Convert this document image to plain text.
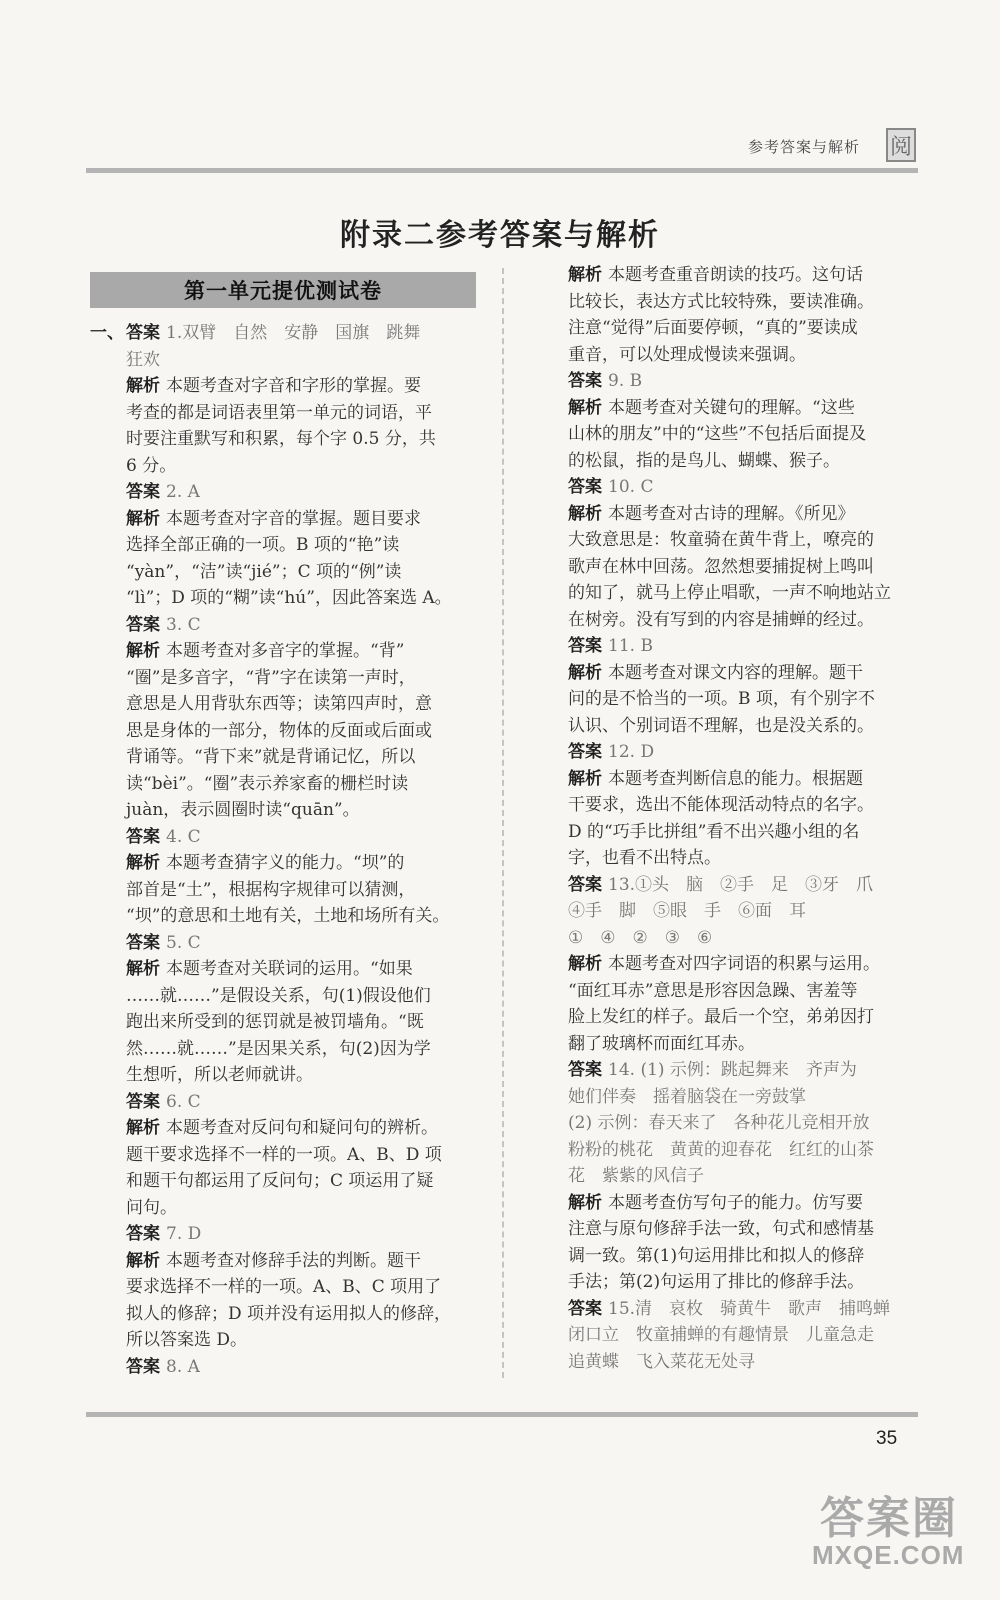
参考答案与解析 阅
附录二参考答案与解析
第一单元提优测试卷
一、 答案 1.双臂　自然　安静　国旗　跳舞

狂欢

解析 本题考查对字音和字形的掌握。要

考查的都是词语表里第一单元的词语，平

时要注重默写和积累，每个字 0.5 分，共

6 分。

答案 2. A

解析 本题考查对字音的掌握。题目要求

选择全部正确的一项。B 项的“艳”读

“yàn”，“洁”读“jié”；C 项的“例”读

“lì”；D 项的“糊”读“hú”，因此答案选 A。

答案 3. C

解析 本题考查对多音字的掌握。“背”

“圈”是多音字，“背”字在读第一声时，

意思是人用背驮东西等；读第四声时，意

思是身体的一部分，物体的反面或后面或

背诵等。“背下来”就是背诵记忆，所以

读“bèi”。“圈”表示养家畜的栅栏时读

juàn，表示圆圈时读“quān”。

答案 4. C

解析 本题考查猜字义的能力。“坝”的

部首是“土”，根据构字规律可以猜测，

“坝”的意思和土地有关，土地和场所有关。

答案 5. C

解析 本题考查对关联词的运用。“如果

……就……”是假设关系，句(1)假设他们

跑出来所受到的惩罚就是被罚墙角。“既

然……就……”是因果关系，句(2)因为学

生想听，所以老师就讲。

答案 6. C

解析 本题考查对反问句和疑问句的辨析。

题干要求选择不一样的一项。A、B、D 项

和题干句都运用了反问句；C 项运用了疑

问句。

答案 7. D

解析 本题考查对修辞手法的判断。题干

要求选择不一样的一项。A、B、C 项用了

拟人的修辞；D 项并没有运用拟人的修辞，

所以答案选 D。

答案 8. A

解析 本题考查重音朗读的技巧。这句话

比较长，表达方式比较特殊，要读准确。

注意“觉得”后面要停顿，“真的”要读成

重音，可以处理成慢读来强调。

答案 9. B

解析 本题考查对关键句的理解。“这些

山林的朋友”中的“这些”不包括后面提及

的松鼠，指的是鸟儿、蝴蝶、猴子。

答案 10. C

解析 本题考查对古诗的理解。《所见》

大致意思是：牧童骑在黄牛背上，嘹亮的

歌声在林中回荡。忽然想要捕捉树上鸣叫

的知了，就马上停止唱歌，一声不响地站立

在树旁。没有写到的内容是捕蝉的经过。

答案 11. B

解析 本题考查对课文内容的理解。题干

问的是不恰当的一项。B 项，有个别字不

认识、个别词语不理解，也是没关系的。

答案 12. D

解析 本题考查判断信息的能力。根据题

干要求，选出不能体现活动特点的名字。

D 的“巧手比拼组”看不出兴趣小组的名

字，也看不出特点。

答案 13.①头　脑　②手　足　③牙　爪

④手　脚　⑤眼　手　⑥面　耳

①　④　②　③　⑥

解析 本题考查对四字词语的积累与运用。

“面红耳赤”意思是形容因急躁、害羞等

脸上发红的样子。最后一个空，弟弟因打

翻了玻璃杯而面红耳赤。

答案 14. (1) 示例：跳起舞来　齐声为

她们伴奏　摇着脑袋在一旁鼓掌

(2) 示例：春天来了　各种花儿竞相开放

粉粉的桃花　黄黄的迎春花　红红的山茶

花　紫紫的风信子

解析 本题考查仿写句子的能力。仿写要

注意与原句修辞手法一致，句式和感情基

调一致。第(1)句运用排比和拟人的修辞

手法；第(2)句运用了排比的修辞手法。

答案 15.清　哀枚　骑黄牛　歌声　捕鸣蝉

闭口立　牧童捕蝉的有趣情景　儿童急走

追黄蝶　飞入菜花无处寻

35
答案圈
MXQE.COM
